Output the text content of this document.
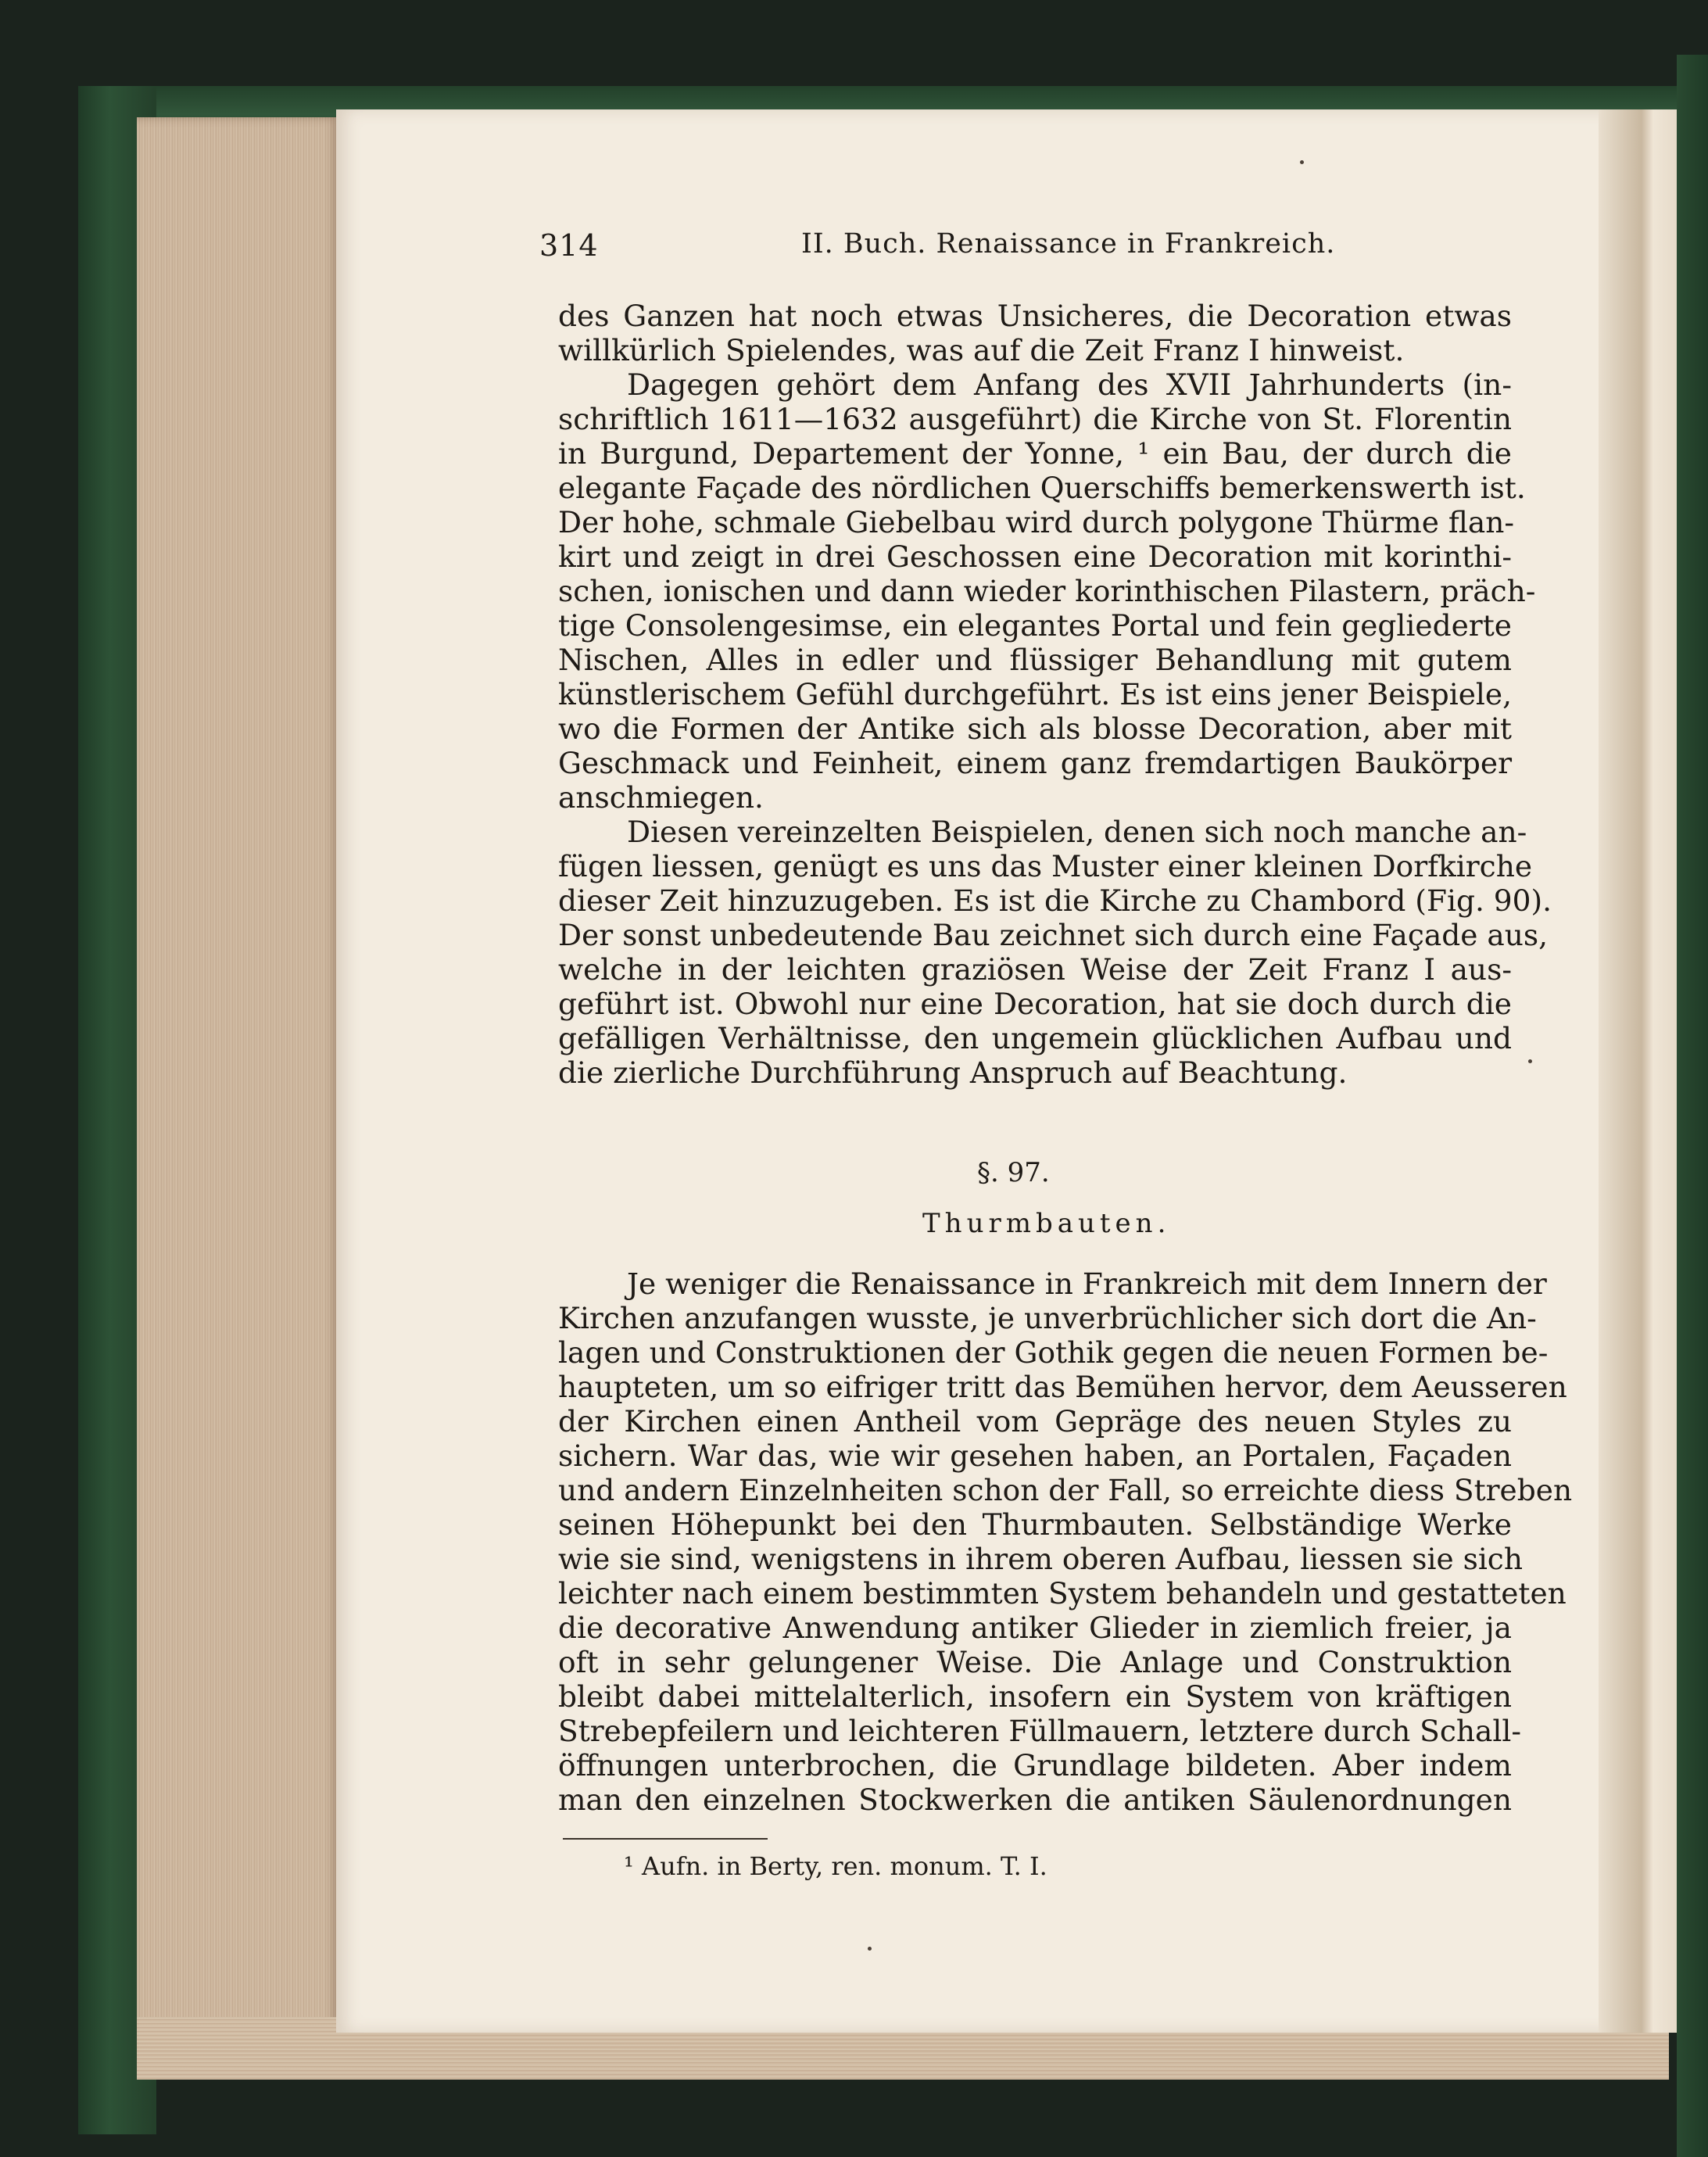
314	II. Buch. Renaissance in Frankreich.
des Ganzen hat noch etwas Unsicheres, die Decoration etwas
willkürlich Spielendes, was auf die Zeit Franz I hinweist.
Dagegen gehört dem Anfang des XVII Jahrhunderts (in-
schriftlich 1611—1632 ausgeführt) die Kirche von St. Florentin
in Burgund, Departement der Yonne, ¹ ein Bau, der durch die
elegante Façade des nördlichen Querschiffs bemerkenswerth ist.
Der hohe, schmale Giebelbau wird durch polygone Thürme flan-
kirt und zeigt in drei Geschossen eine Decoration mit korinthi-
schen, ionischen und dann wieder korinthischen Pilastern, präch-
tige Consolengesimse, ein elegantes Portal und fein gegliederte
Nischen, Alles in edler und flüssiger Behandlung mit gutem
künstlerischem Gefühl durchgeführt. Es ist eins jener Beispiele,
wo die Formen der Antike sich als blosse Decoration, aber mit
Geschmack und Feinheit, einem ganz fremdartigen Baukörper
anschmiegen.
Diesen vereinzelten Beispielen, denen sich noch manche an-
fügen liessen, genügt es uns das Muster einer kleinen Dorfkirche
dieser Zeit hinzuzugeben. Es ist die Kirche zu Chambord (Fig. 90).
Der sonst unbedeutende Bau zeichnet sich durch eine Façade aus,
welche in der leichten graziösen Weise der Zeit Franz I aus-
geführt ist. Obwohl nur eine Decoration, hat sie doch durch die
gefälligen Verhältnisse, den ungemein glücklichen Aufbau und
die zierliche Durchführung Anspruch auf Beachtung.
§. 97.
Thurmbauten.
Je weniger die Renaissance in Frankreich mit dem Innern der
Kirchen anzufangen wusste, je unverbrüchlicher sich dort die An-
lagen und Construktionen der Gothik gegen die neuen Formen be-
haupteten, um so eifriger tritt das Bemühen hervor, dem Aeusseren
der Kirchen einen Antheil vom Gepräge des neuen Styles zu
sichern. War das, wie wir gesehen haben, an Portalen, Façaden
und andern Einzelnheiten schon der Fall, so erreichte diess Streben
seinen Höhepunkt bei den Thurmbauten. Selbständige Werke
wie sie sind, wenigstens in ihrem oberen Aufbau, liessen sie sich
leichter nach einem bestimmten System behandeln und gestatteten
die decorative Anwendung antiker Glieder in ziemlich freier, ja
oft in sehr gelungener Weise. Die Anlage und Construktion
bleibt dabei mittelalterlich, insofern ein System von kräftigen
Strebepfeilern und leichteren Füllmauern, letztere durch Schall-
öffnungen unterbrochen, die Grundlage bildeten. Aber indem
man den einzelnen Stockwerken die antiken Säulenordnungen
¹ Aufn. in Berty, ren. monum. T. I.
